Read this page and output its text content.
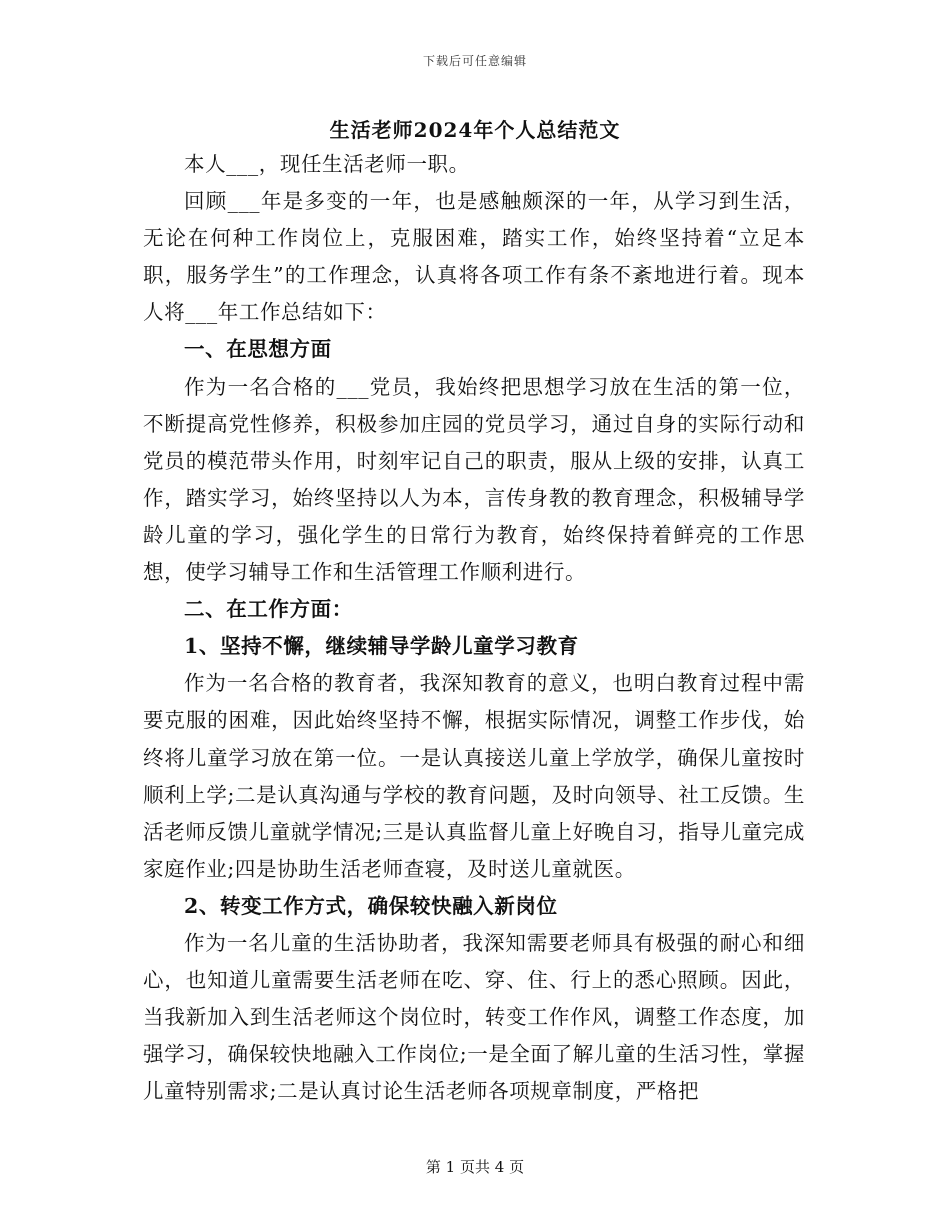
下载后可任意编辑
生活老师2024年个人总结范文

本人___，现任生活老师一职。

回顾___年是多变的一年，也是感触颇深的一年，从学习到生活，无论在何种工作岗位上，克服困难，踏实工作，始终坚持着“立足本职，服务学生”的工作理念，认真将各项工作有条不紊地进行着。现本人将___年工作总结如下：

一、在思想方面

作为一名合格的___党员，我始终把思想学习放在生活的第一位，不断提高党性修养，积极参加庄园的党员学习，通过自身的实际行动和党员的模范带头作用，时刻牢记自己的职责，服从上级的安排，认真工作，踏实学习，始终坚持以人为本，言传身教的教育理念，积极辅导学龄儿童的学习，强化学生的日常行为教育，始终保持着鲜亮的工作思想，使学习辅导工作和生活管理工作顺利进行。

二、在工作方面：

1、坚持不懈，继续辅导学龄儿童学习教育

作为一名合格的教育者，我深知教育的意义，也明白教育过程中需要克服的困难，因此始终坚持不懈，根据实际情况，调整工作步伐，始终将儿童学习放在第一位。一是认真接送儿童上学放学，确保儿童按时顺利上学;二是认真沟通与学校的教育问题，及时向领导、社工反馈。生活老师反馈儿童就学情况;三是认真监督儿童上好晚自习，指导儿童完成家庭作业;四是协助生活老师查寝，及时送儿童就医。

2、转变工作方式，确保较快融入新岗位

作为一名儿童的生活协助者，我深知需要老师具有极强的耐心和细心，也知道儿童需要生活老师在吃、穿、住、行上的悉心照顾。因此，当我新加入到生活老师这个岗位时，转变工作作风，调整工作态度，加强学习，确保较快地融入工作岗位;一是全面了解儿童的生活习性，掌握儿童特别需求;二是认真讨论生活老师各项规章制度，严格把

第 1 页共 4 页
